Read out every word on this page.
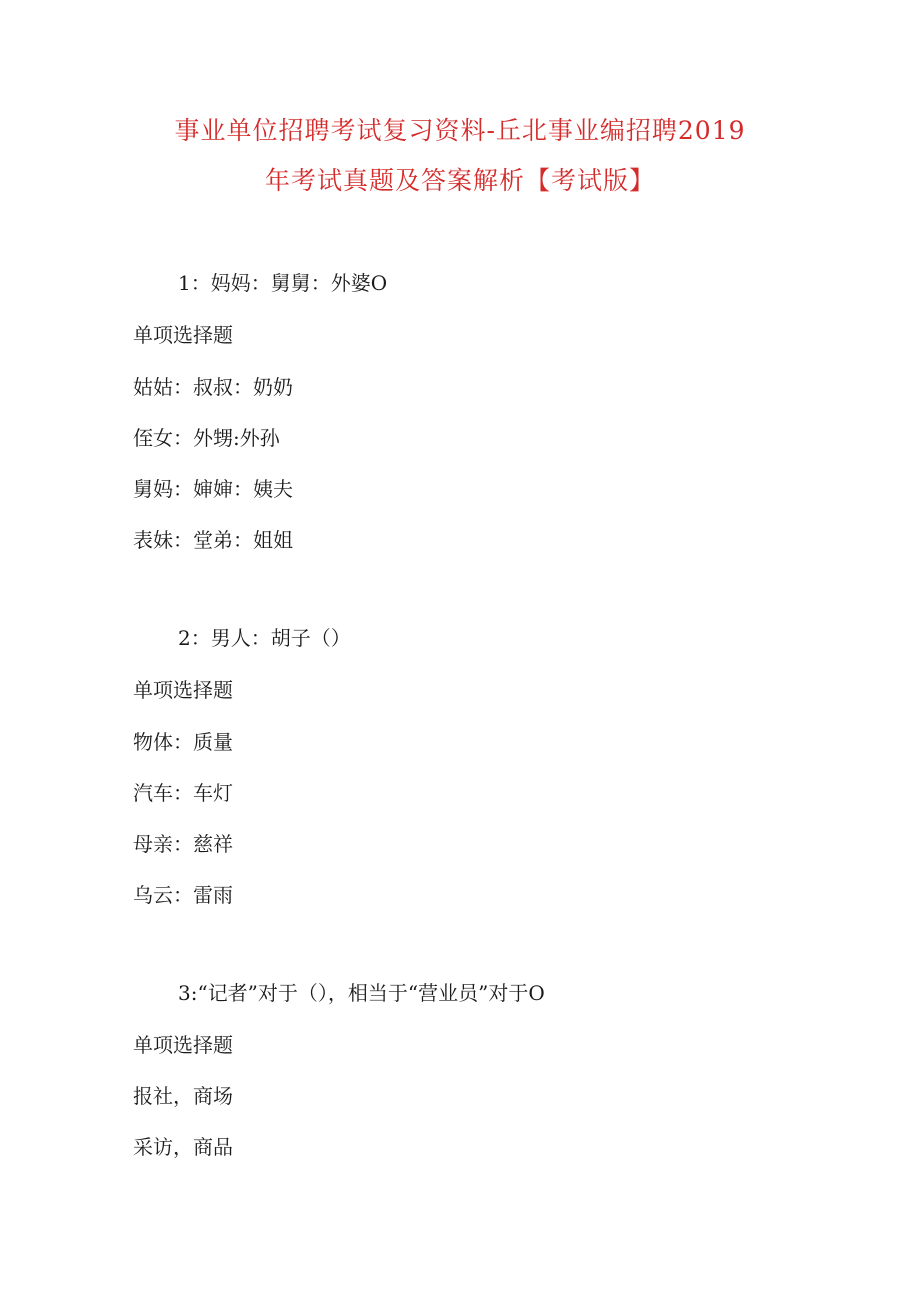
事业单位招聘考试复习资料-丘北事业编招聘2019
年考试真题及答案解析【考试版】
1：妈妈：舅舅：外婆O
单项选择题
姑姑：叔叔：奶奶
侄女：外甥:外孙
舅妈：婶婶：姨夫
表妹：堂弟：姐姐
2：男人：胡子（）
单项选择题
物体：质量
汽车：车灯
母亲：慈祥
乌云：雷雨
3:“记者”对于（），相当于“营业员”对于O
单项选择题
报社，商场
采访，商品
